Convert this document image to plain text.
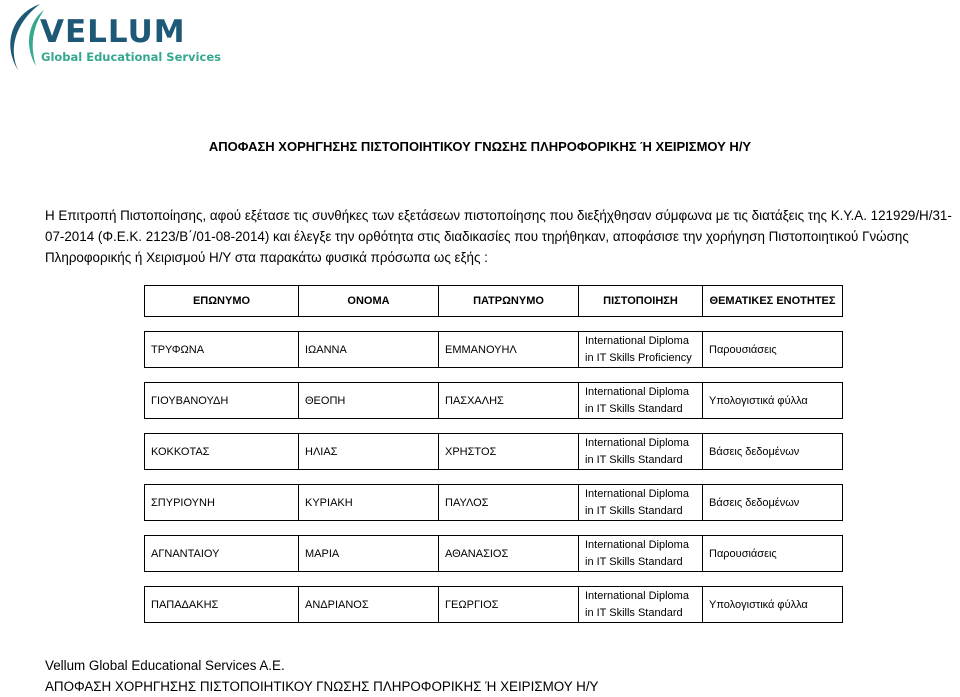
VELLUM
Global Educational Services
ΑΠΟΦΑΣΗ ΧΟΡΗΓΗΣΗΣ ΠΙΣΤΟΠΟΙΗΤΙΚΟΥ ΓΝΩΣΗΣ ΠΛΗΡΟΦΟΡΙΚΗΣ Ή ΧΕΙΡΙΣΜΟΥ Η/Υ
Η Επιτροπή Πιστοποίησης, αφού εξέτασε τις συνθήκες των εξετάσεων πιστοποίησης που διεξήχθησαν σύμφωνα με τις διατάξεις της Κ.Υ.Α. 121929/Η/31-
07-2014 (Φ.Ε.Κ. 2123/Β΄/01-08-2014) και έλεγξε την ορθότητα στις διαδικασίες που τηρήθηκαν, αποφάσισε την χορήγηση Πιστοποιητικού Γνώσης
Πληροφορικής ή Χειρισμού Η/Υ στα παρακάτω φυσικά πρόσωπα ως εξής :
ΕΠΩΝΥΜΟ	ΟΝΟΜΑ	ΠΑΤΡΩΝΥΜΟ	ΠΙΣΤΟΠΟΙΗΣΗ	ΘΕΜΑΤΙΚΕΣ ΕΝΟΤΗΤΕΣ

ΤΡΥΦΩΝΑ	ΙΩΑΝΝΑ	ΕΜΜΑΝΟΥΗΛ	International Diploma
in IT Skills Proficiency	Παρουσιάσεις

ΓΙΟΥΒΑΝΟΥΔΗ	ΘΕΟΠΗ	ΠΑΣΧΑΛΗΣ	International Diploma
in IT Skills Standard	Υπολογιστικά φύλλα

ΚΟΚΚΟΤΑΣ	ΗΛΙΑΣ	ΧΡΗΣΤΟΣ	International Diploma
in IT Skills Standard	Βάσεις δεδομένων

ΣΠΥΡΙΟΥΝΗ	ΚΥΡΙΑΚΗ	ΠΑΥΛΟΣ	International Diploma
in IT Skills Standard	Βάσεις δεδομένων

ΑΓΝΑΝΤΑΙΟΥ	ΜΑΡΙΑ	ΑΘΑΝΑΣΙΟΣ	International Diploma
in IT Skills Standard	Παρουσιάσεις

ΠΑΠΑΔΑΚΗΣ	ΑΝΔΡΙΑΝΟΣ	ΓΕΩΡΓΙΟΣ	International Diploma
in IT Skills Standard	Υπολογιστικά φύλλα
Vellum Global Educational Services A.E.
ΑΠΟΦΑΣΗ ΧΟΡΗΓΗΣΗΣ ΠΙΣΤΟΠΟΙΗΤΙΚΟΥ ΓΝΩΣΗΣ ΠΛΗΡΟΦΟΡΙΚΗΣ Ή ΧΕΙΡΙΣΜΟΥ Η/Υ
